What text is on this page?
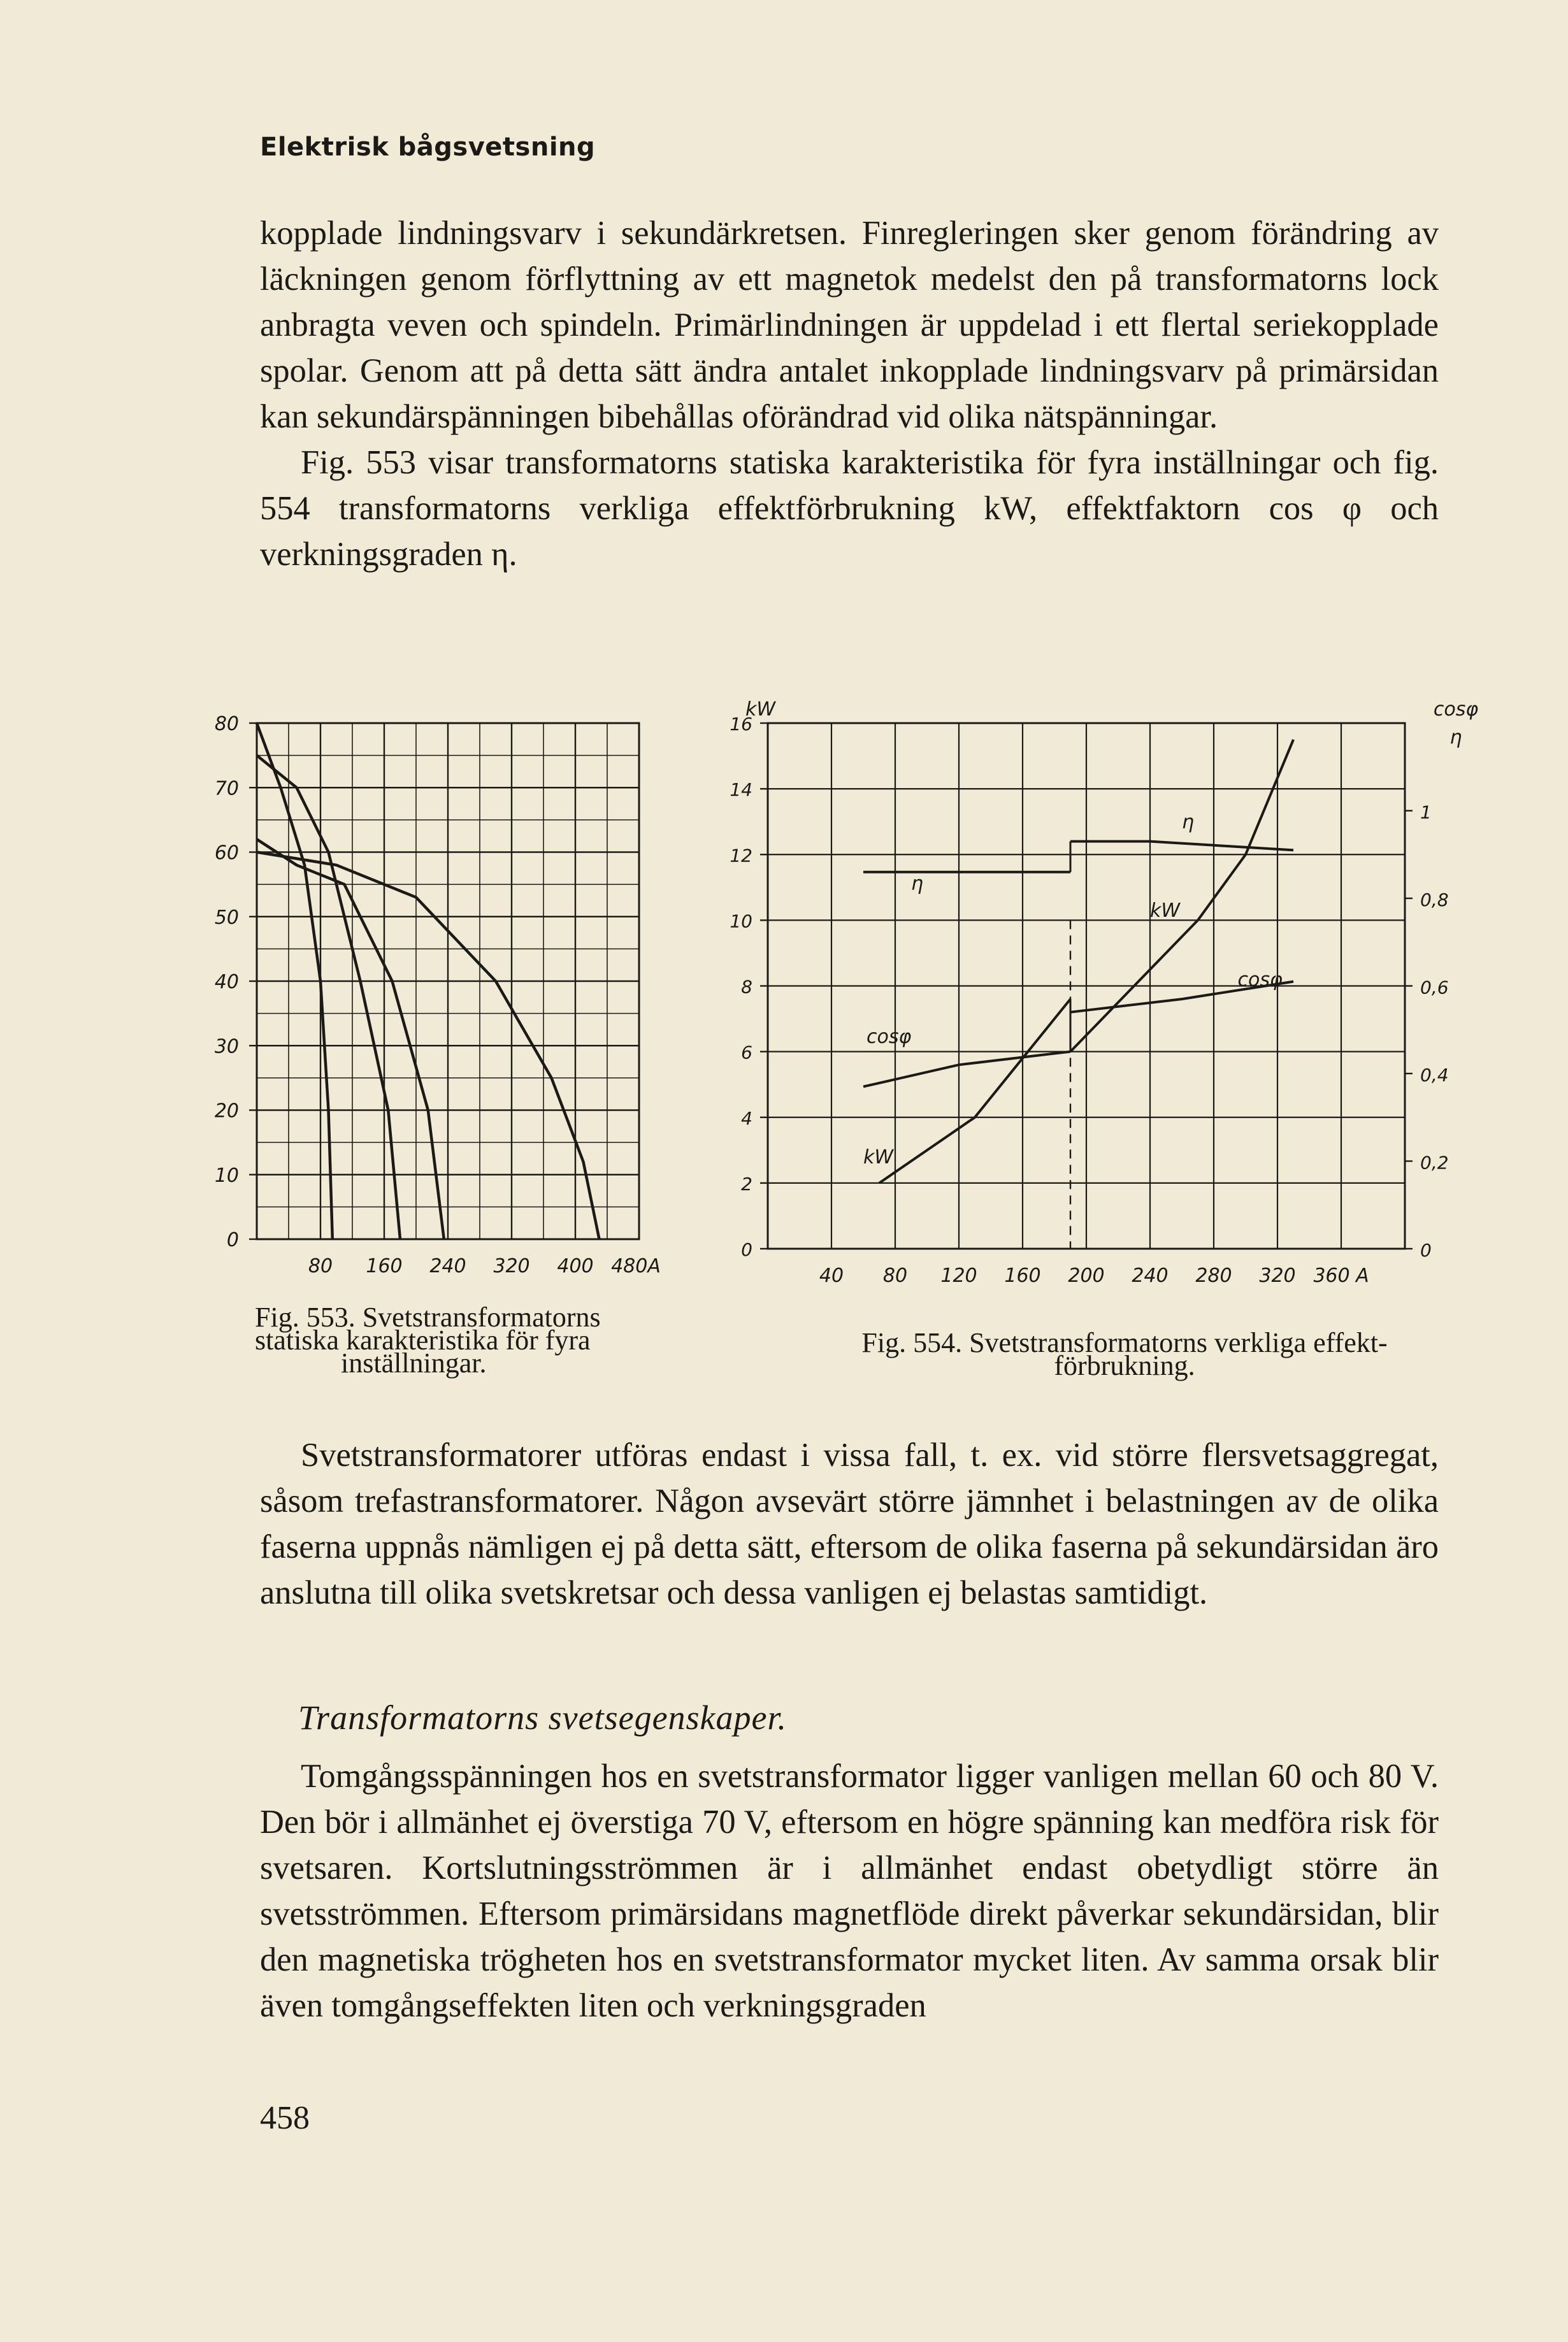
Elektrisk bågsvetsning

kopplade lindningsvarv i sekundärkretsen. Finregleringen sker genom förändring av läckningen genom förflyttning av ett magnetok medelst den på transformatorns lock anbragta veven och spindeln. Primärlindningen är uppdelad i ett flertal seriekopplade spolar. Genom att på detta sätt ändra antalet inkopplade lindningsvarv på primärsidan kan sekundärspänningen bibehållas oförändrad vid olika nätspänningar.

Fig. 553 visar transformatorns statiska karakteristika för fyra inställningar och fig. 554 transformatorns verkliga effektförbrukning kW, effektfaktorn cos φ och verkningsgraden η.

80
70
60
50
40
30
20
10
0
80 160 240 320 400 480A
kW	cosφ
η
16
14
12
10
8
6
4
2
0
1
0,8
0,6
0,4
0,2
0
40 80 120 160 200 240 280 320 360 A
kW
η
cosφ
η
cosφ
kW
Fig. 553. Svetstransformatorns
statiska karakteristika för fyra
inställningar.
Fig. 554. Svetstransformatorns verkliga effekt-
förbrukning.

Svetstransformatorer utföras endast i vissa fall, t. ex. vid större flersvetsaggregat, såsom trefastransformatorer. Någon avsevärt större jämnhet i belastningen av de olika faserna uppnås nämligen ej på detta sätt, eftersom de olika faserna på sekundärsidan äro anslutna till olika svetskretsar och dessa vanligen ej belastas samtidigt.

Transformatorns svetsegenskaper.

Tomgångsspänningen hos en svetstransformator ligger vanligen mellan 60 och 80 V. Den bör i allmänhet ej överstiga 70 V, eftersom en högre spänning kan medföra risk för svetsaren. Kortslutningsströmmen är i allmänhet endast obetydligt större än svetsströmmen. Eftersom primärsidans magnetflöde direkt påverkar sekundärsidan, blir den magnetiska trögheten hos en svetstransformator mycket liten. Av samma orsak blir även tomgångseffekten liten och verkningsgraden

458
